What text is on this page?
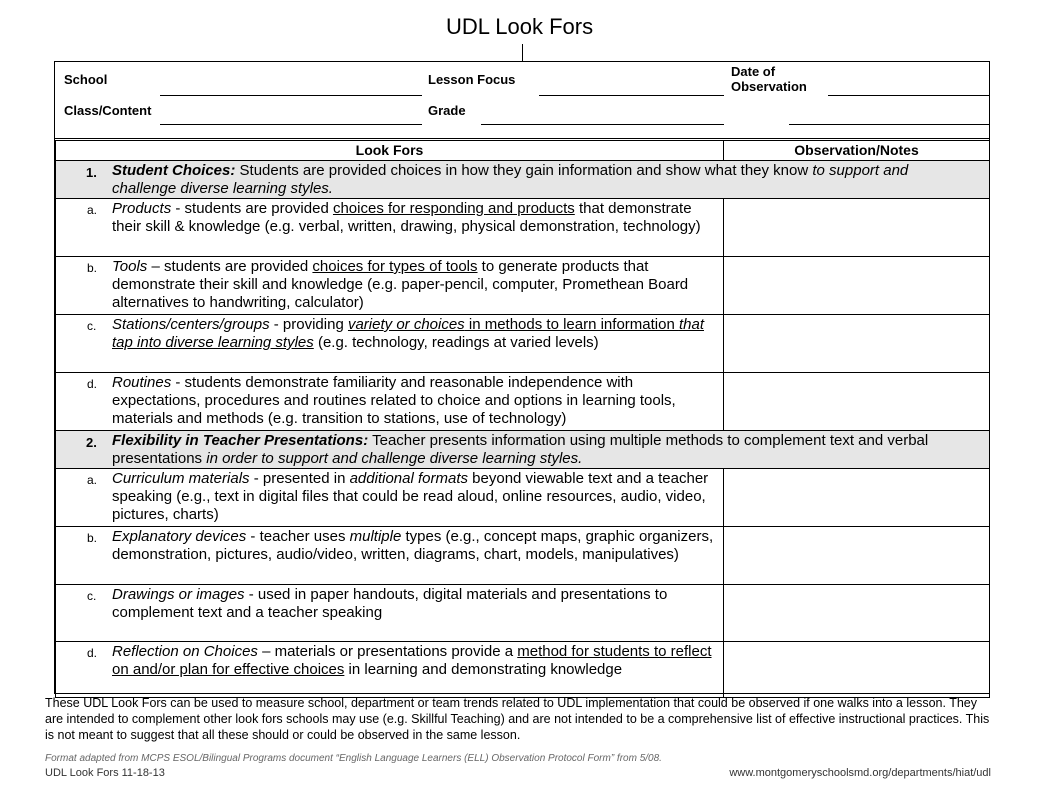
UDL Look Fors
School	Lesson Focus
Date of
Observation
Class/Content	Grade
Look Fors	Observation/Notes

1. Student Choices: Students are provided choices in how they gain information and show what they know to support and challenge diverse learning styles.	

a. Products - students are provided choices for responding and products that demonstrate their skill & knowledge (e.g. verbal, written, drawing, physical demonstration, technology)	

b. Tools – students are provided choices for types of tools to generate products that demonstrate their skill and knowledge (e.g. paper-pencil, computer, Promethean Board alternatives to handwriting, calculator)	

c. Stations/centers/groups - providing variety or choices in methods to learn information that tap into diverse learning styles (e.g. technology, readings at varied levels)	

d. Routines - students demonstrate familiarity and reasonable independence with expectations, procedures and routines related to choice and options in learning tools, materials and methods (e.g. transition to stations, use of technology)	

2. Flexibility in Teacher Presentations: Teacher presents information using multiple methods to complement text and verbal presentations in order to support and challenge diverse learning styles.	

a. Curriculum materials - presented in additional formats beyond viewable text and a teacher speaking (e.g., text in digital files that could be read aloud, online resources, audio, video, pictures, charts)	

b. Explanatory devices - teacher uses multiple types (e.g., concept maps, graphic organizers, demonstration, pictures, audio/video, written, diagrams, chart, models, manipulatives)	

c. Drawings or images - used in paper handouts, digital materials and presentations to complement text and a teacher speaking	

d. Reflection on Choices – materials or presentations provide a method for students to reflect on and/or plan for effective choices in learning and demonstrating knowledge	

These UDL Look Fors can be used to measure school, department or team trends related to UDL implementation that could be observed if one walks into a lesson. They are intended to complement other look fors schools may use (e.g. Skillful Teaching) and are not intended to be a comprehensive list of effective instructional practices. This is not meant to suggest that all these should or could be observed in the same lesson.

Format adapted from MCPS ESOL/Bilingual Programs document “English Language Learners (ELL) Observation Protocol Form” from 5/08.

UDL Look Fors 11-18-13	www.montgomeryschoolsmd.org/departments/hiat/udl
